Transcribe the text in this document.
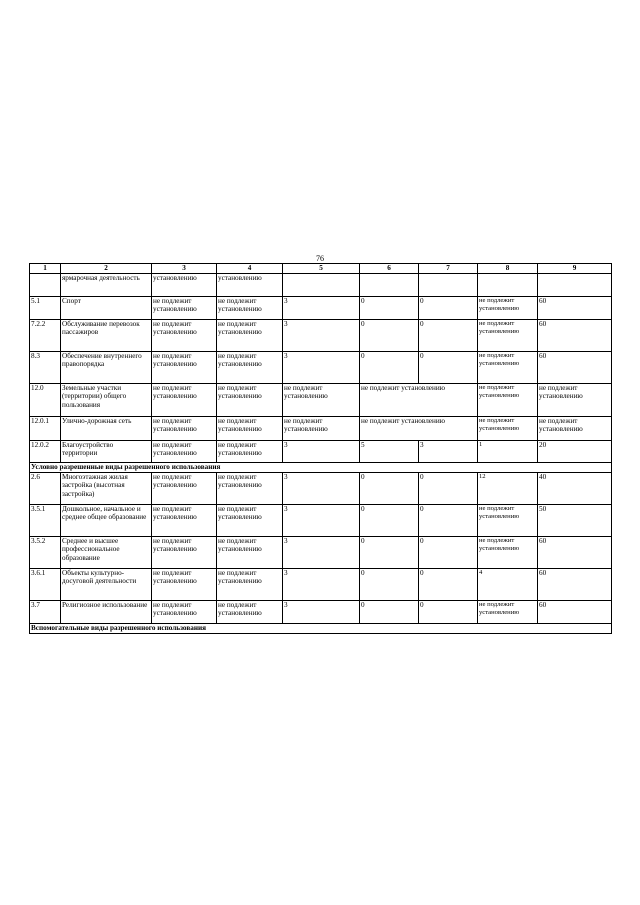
76
1	2	3	4	5	6	7	8	9
	ярмарочная деятельность	установлению	установлению					
5.1	Спорт	не подлежит установлению	не подлежит установлению	3	0	0	не подлежит установлению	60
7.2.2	Обслуживание перевозок пассажиров	не подлежит установлению	не подлежит установлению	3	0	0	не подлежит установлению	60
8.3	Обеспечение внутреннего правопорядка	не подлежит установлению	не подлежит установлению	3	0	0	не подлежит установлению	60
12.0	Земельные участки (территории) общего пользования	не подлежит установлению	не подлежит установлению	не подлежит установлению	не подлежит установлению		не подлежит установлению	не подлежит установлению
12.0.1	Улично-дорожная сеть	не подлежит установлению	не подлежит установлению	не подлежит установлению	не подлежит установлению		не подлежит установлению	не подлежит установлению
12.0.2	Благоустройство территории	не подлежит установлению	не подлежит установлению	3	5	3	1	20
Условно разрешенные виды разрешенного использования								
2.6	Многоэтажная жилая застройка (высотная застройка)	не подлежит установлению	не подлежит установлению	3	0	0	12	40
3.5.1	Дошкольное, начальное и среднее общее образование	не подлежит установлению	не подлежит установлению	3	0	0	не подлежит установлению	50
3.5.2	Среднее и высшее профессиональное образование	не подлежит установлению	не подлежит установлению	3	0	0	не подлежит установлению	60
3.6.1	Объекты культурно-досуговой деятельности	не подлежит установлению	не подлежит установлению	3	0	0	4	60
3.7	Религиозное использование	не подлежит установлению	не подлежит установлению	3	0	0	не подлежит установлению	60
Вспомогательные виды разрешенного использования								
